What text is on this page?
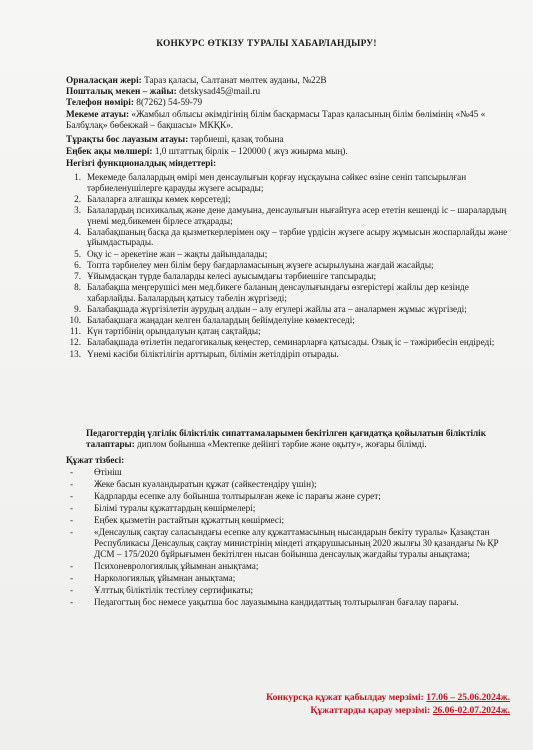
КОНКУРС ӨТКІЗУ ТУРАЛЫ ХАБАРЛАНДЫРУ!
Орналасқан жері: Тараз қаласы, Салтанат мөлтек ауданы, №22В
Пошталық мекен – жайы: detskysad45@mail.ru
Телефон нөмірі: 8(7262) 54-59-79
Мекеме атауы: «Жамбыл облысы әкімдігінің білім басқармасы Тараз қаласының білім бөлімінің «№45 « Балбұлақ» бөбекжай – бақшасы» МКҚК».
Тұрақты бос лауазым атауы: тәрбиеші, қазақ тобына
Еңбек ақы мөлшері: 1,0 штаттық бірлік – 120000 ( жүз жиырма мың).
Негізгі функционалдық міндеттері:
1. Мекемеде балалардың өмірі мен денсаулығын қорғау нұсқауына сәйкес өзіне сеніп тапсырылған тәрбиеленушілерге қарауды жүзеге асырады;
2. Балаларға алғашқы көмек көрсетеді;
3. Балалардың психикалық және дене дамуына, денсаулығын нығайтуға әсер ететін кешенді іс – шаралардың үнемі мед.бикемен бірлесе атқарады;
4. Балабақшаның басқа да қызметкерлерімен оқу – тәрбие үрдісін жүзеге асыру жұмысын жоспарлайды және ұйымдастырады.
5. Оқу іс – әрекетіне жан – жақты дайындалады;
6. Топта тәрбиелеу мен білім беру бағдарламасының жүзеге асырылуына жағдай жасайды;
7. Ұйымдасқан түрде балаларды келесі ауысымдағы тәрбиешіге тапсырады;
8. Балабақша меңгерушісі мен мед.бикеге баланың денсаулығындағы өзгерістері жайлы дер кезінде хабарлайды. Балалардың қатысу табелін жүргізеді;
9. Балабақшада жүргізілетін аурудың алдын – алу егулері жайлы ата – аналармен жұмыс жүргізеді;
10. Балабақшаға жаңадан келген балалардың бейімделуіне көмектеседі;
11. Күн тәртібінің орындалуын қатаң сақтайды;
12. Балабақшада өтілетін педагогикалық кеңестер, семинарларға қатысады. Озық іс – тәжірибесін ендіреді;
13. Үнемі кәсіби біліктілігін арттырып, білімін жетілдіріп отырады.
Педагогтердің үлгілік біліктілік сипаттамаларымен бекітілген қағидатқа қойылатын біліктілік талаптары: диплом бойынша «Мектепке дейінгі тәрбие және оқыту», жоғары білімді.
Құжат тізбесі:
-	Өтініш
-	Жеке басын куәландыратын құжат (сәйкестендіру үшін);
-	Кадрларды есепке алу бойынша толтырылған жеке іс парағы және сурет;
-	Білімі туралы құжаттардың көшірмелері;
-	Еңбек қызметін растайтын құжаттың көшірмесі;
-	«Денсаулық сақтау саласындағы есепке алу құжаттамасының нысандарын бекіту туралы» Қазақстан Республикасы Денсаулық сақтау министрінің міндеті атқарушысының 2020 жылғы 30 қазандағы № ҚР ДСМ – 175/2020 бұйрығымен бекітілген нысан бойынша денсаулық жағдайы туралы анықтама;
-	Психоневрологиялық ұйымнан анықтама;
-	Наркологиялық ұйымнан анықтама;
-	Ұлттық біліктілік тестілеу сертификаты;
-	Педагогтың бос немесе уақытша бос лауазымына кандидаттың толтырылған бағалау парағы.
Конкурсқа құжат қабылдау мерзімі: 17.06 – 25.06.2024ж.
Құжаттарды қарау мерзімі: 26.06-02.07.2024ж.
